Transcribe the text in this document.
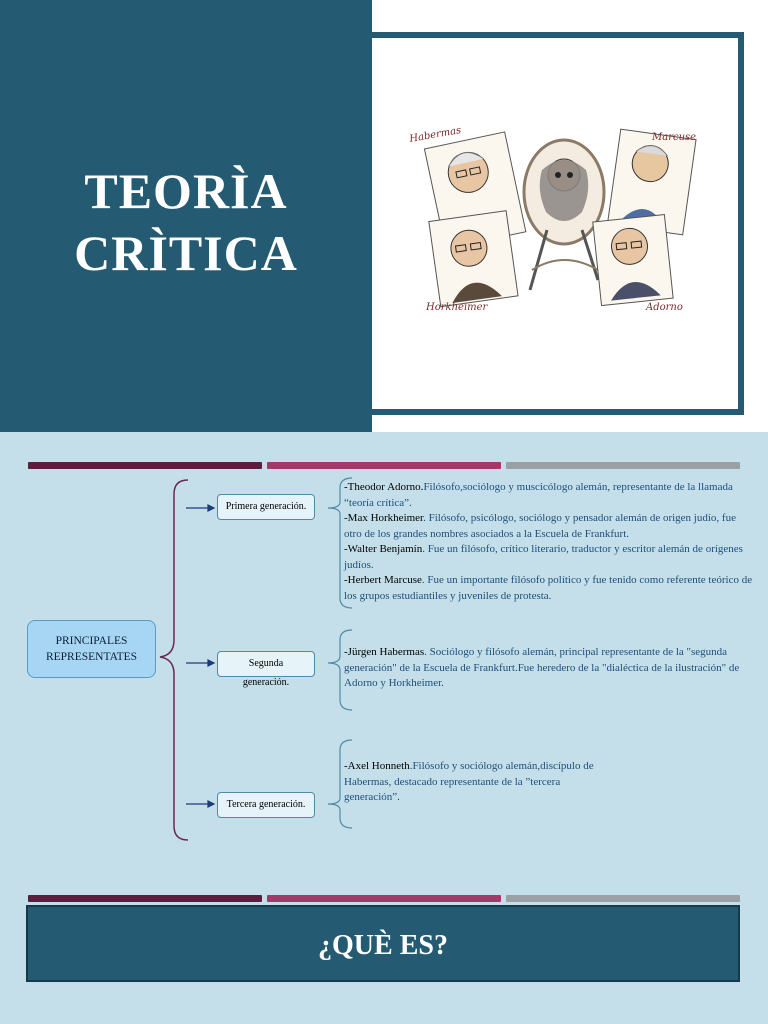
TEORÌA
CRÌTICA
Habermas	Marcuse
Horkheimer	Adorno
PRINCIPALES
REPRESENTATES
Primera generación.
Segunda
generación.
Tercera generación.

-Theodor Adorno.Filósofo,sociólogo y muscicólogo alemán, representante de la llamada “teoría crítica”.

-Max Horkheimer. Filósofo, psicólogo, sociólogo y pensador alemán de origen judío, fue otro de los grandes nombres asociados a la Escuela de Frankfurt.

-Walter Benjamín. Fue un filósofo, crítico literario, traductor y escritor alemán de orígenes judíos.

-Herbert Marcuse. Fue un importante filósofo político y fue tenido como referente teórico de los grupos estudiantiles y juveniles de protesta.

-Jürgen Habermas. Sociólogo y filósofo alemán, principal representante de la "segunda generación" de la Escuela de Frankfurt.Fue heredero de la "dialéctica de la ilustración" de Adorno y Horkheimer.

-Axel Honneth.Filósofo y sociólogo alemán,discípulo de

Habermas, destacado representante de la ”tercera

generación”.

¿QUÈ ES?
